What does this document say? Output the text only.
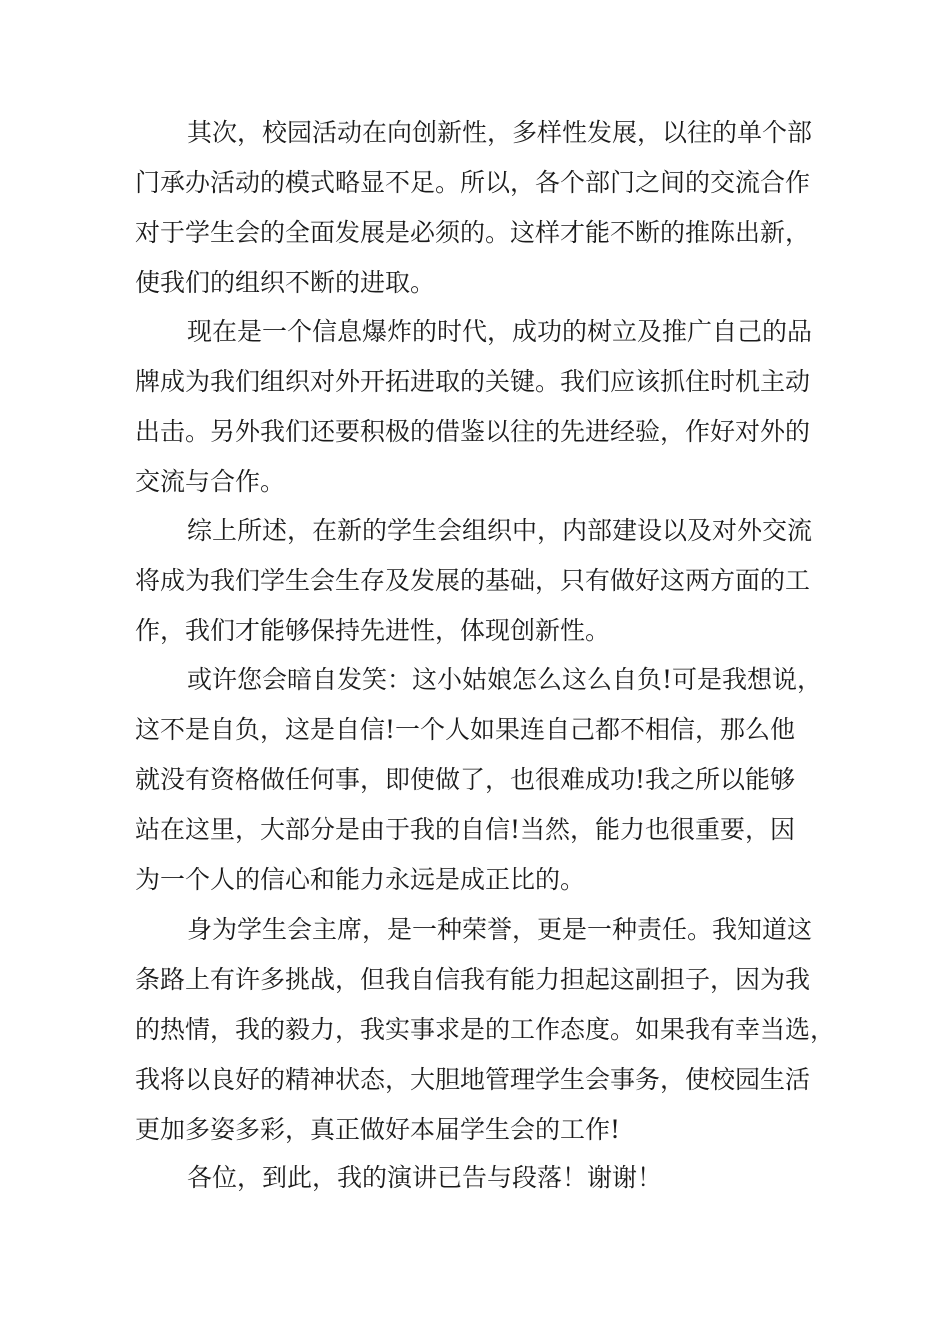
其次，校园活动在向创新性，多样性发展，以往的单个部
门承办活动的模式略显不足。所以，各个部门之间的交流合作
对于学生会的全面发展是必须的。这样才能不断的推陈出新，
使我们的组织不断的进取。
现在是一个信息爆炸的时代，成功的树立及推广自己的品
牌成为我们组织对外开拓进取的关键。我们应该抓住时机主动
出击。另外我们还要积极的借鉴以往的先进经验，作好对外的
交流与合作。
综上所述，在新的学生会组织中，内部建设以及对外交流
将成为我们学生会生存及发展的基础，只有做好这两方面的工
作，我们才能够保持先进性，体现创新性。
或许您会暗自发笑：这小姑娘怎么这么自负!可是我想说，
这不是自负，这是自信!一个人如果连自己都不相信，那么他
就没有资格做任何事，即使做了，也很难成功!我之所以能够
站在这里，大部分是由于我的自信!当然，能力也很重要，因
为一个人的信心和能力永远是成正比的。
身为学生会主席，是一种荣誉，更是一种责任。我知道这
条路上有许多挑战，但我自信我有能力担起这副担子，因为我
的热情，我的毅力，我实事求是的工作态度。如果我有幸当选，
我将以良好的精神状态，大胆地管理学生会事务，使校园生活
更加多姿多彩，真正做好本届学生会的工作!
各位，到此，我的演讲已告与段落！谢谢！
